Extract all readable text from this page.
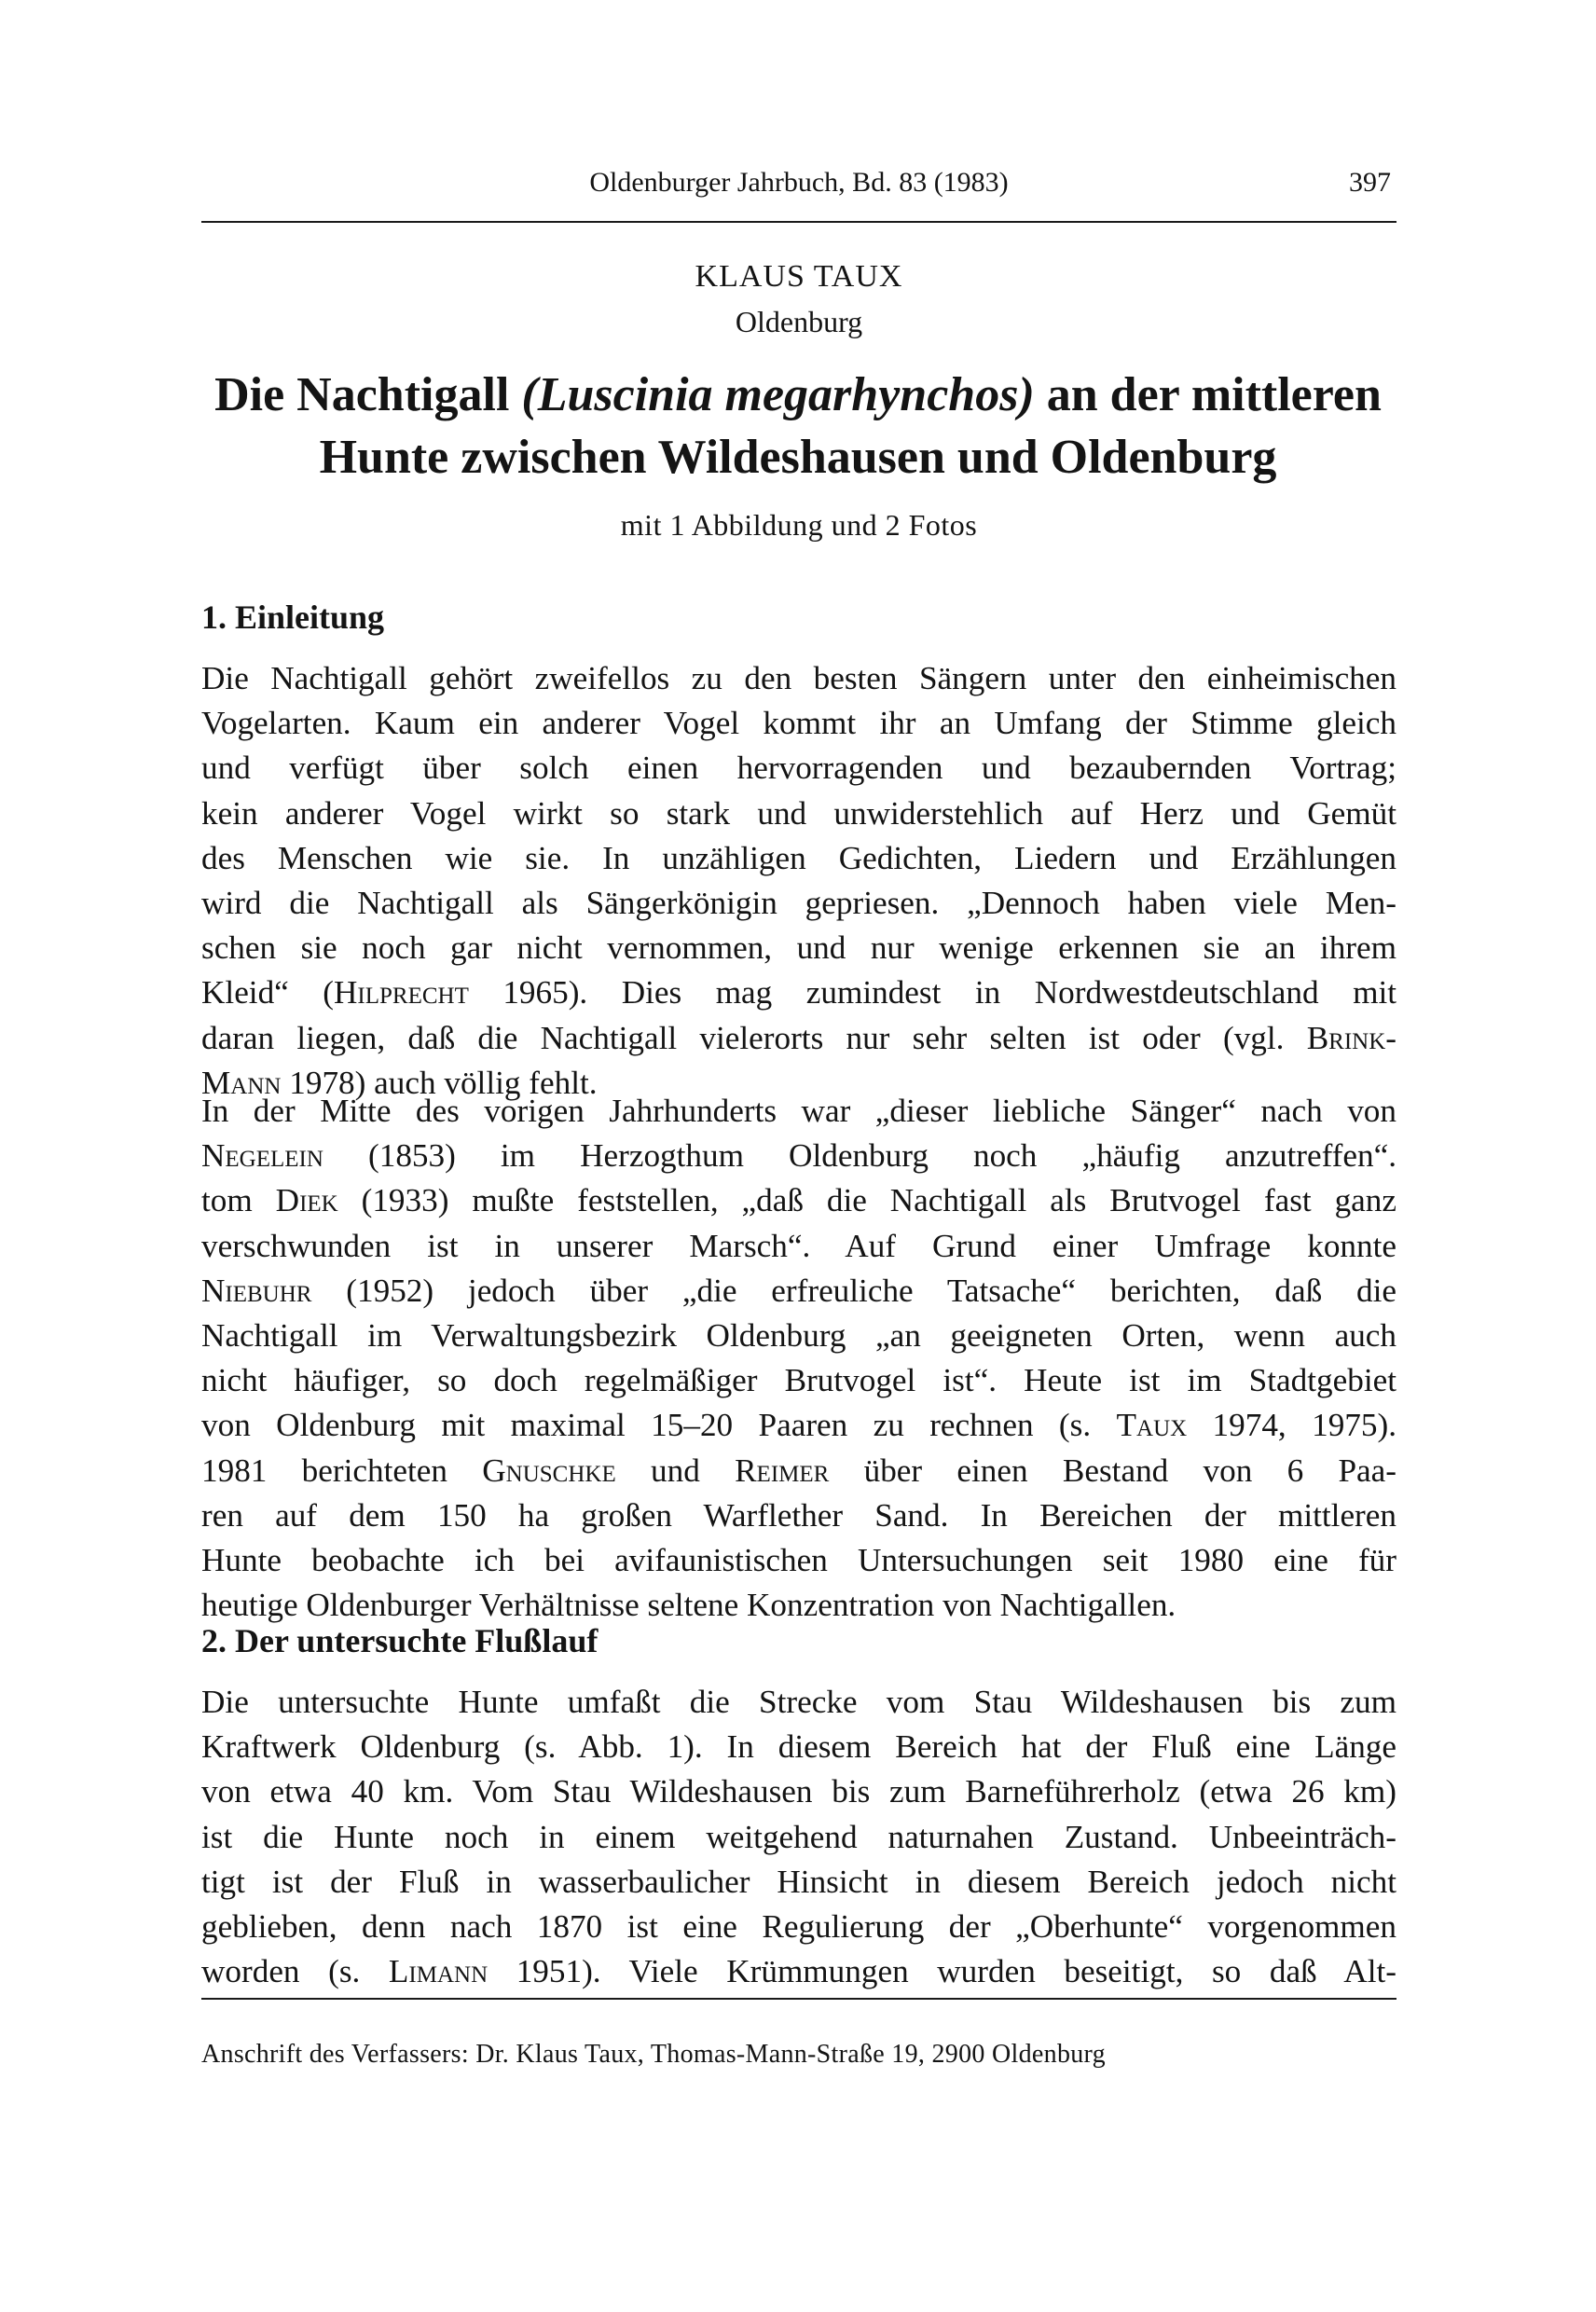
Oldenburger Jahrbuch, Bd. 83 (1983)	397
KLAUS TAUX
Oldenburg
Die Nachtigall (Luscinia megarhynchos) an der mittleren
Hunte zwischen Wildeshausen und Oldenburg
mit 1 Abbildung und 2 Fotos
1. Einleitung
Die Nachtigall gehört zweifellos zu den besten Sängern unter den einheimischen
Vogelarten. Kaum ein anderer Vogel kommt ihr an Umfang der Stimme gleich
und verfügt über solch einen hervorragenden und bezaubernden Vortrag;
kein anderer Vogel wirkt so stark und unwiderstehlich auf Herz und Gemüt
des Menschen wie sie. In unzähligen Gedichten, Liedern und Erzählungen
wird die Nachtigall als Sängerkönigin gepriesen. „Dennoch haben viele Men-
schen sie noch gar nicht vernommen, und nur wenige erkennen sie an ihrem
Kleid“ (Hilprecht 1965). Dies mag zumindest in Nordwestdeutschland mit
daran liegen, daß die Nachtigall vielerorts nur sehr selten ist oder (vgl. Brink-
Mann 1978) auch völlig fehlt.
In der Mitte des vorigen Jahrhunderts war „dieser liebliche Sänger“ nach von
Negelein (1853) im Herzogthum Oldenburg noch „häufig anzutreffen“.
tom Diek (1933) mußte feststellen, „daß die Nachtigall als Brutvogel fast ganz
verschwunden ist in unserer Marsch“. Auf Grund einer Umfrage konnte
Niebuhr (1952) jedoch über „die erfreuliche Tatsache“ berichten, daß die
Nachtigall im Verwaltungsbezirk Oldenburg „an geeigneten Orten, wenn auch
nicht häufiger, so doch regelmäßiger Brutvogel ist“. Heute ist im Stadtgebiet
von Oldenburg mit maximal 15–20 Paaren zu rechnen (s. Taux 1974, 1975).
1981 berichteten Gnuschke und Reimer über einen Bestand von 6 Paa-
ren auf dem 150 ha großen Warflether Sand. In Bereichen der mittleren
Hunte beobachte ich bei avifaunistischen Untersuchungen seit 1980 eine für
heutige Oldenburger Verhältnisse seltene Konzentration von Nachtigallen.
2. Der untersuchte Flußlauf
Die untersuchte Hunte umfaßt die Strecke vom Stau Wildeshausen bis zum
Kraftwerk Oldenburg (s. Abb. 1). In diesem Bereich hat der Fluß eine Länge
von etwa 40 km. Vom Stau Wildeshausen bis zum Barneführerholz (etwa 26 km)
ist die Hunte noch in einem weitgehend naturnahen Zustand. Unbeeinträch-
tigt ist der Fluß in wasserbaulicher Hinsicht in diesem Bereich jedoch nicht
geblieben, denn nach 1870 ist eine Regulierung der „Oberhunte“ vorgenommen
worden (s. Limann 1951). Viele Krümmungen wurden beseitigt, so daß Alt-
Anschrift des Verfassers: Dr. Klaus Taux, Thomas-Mann-Straße 19, 2900 Oldenburg
